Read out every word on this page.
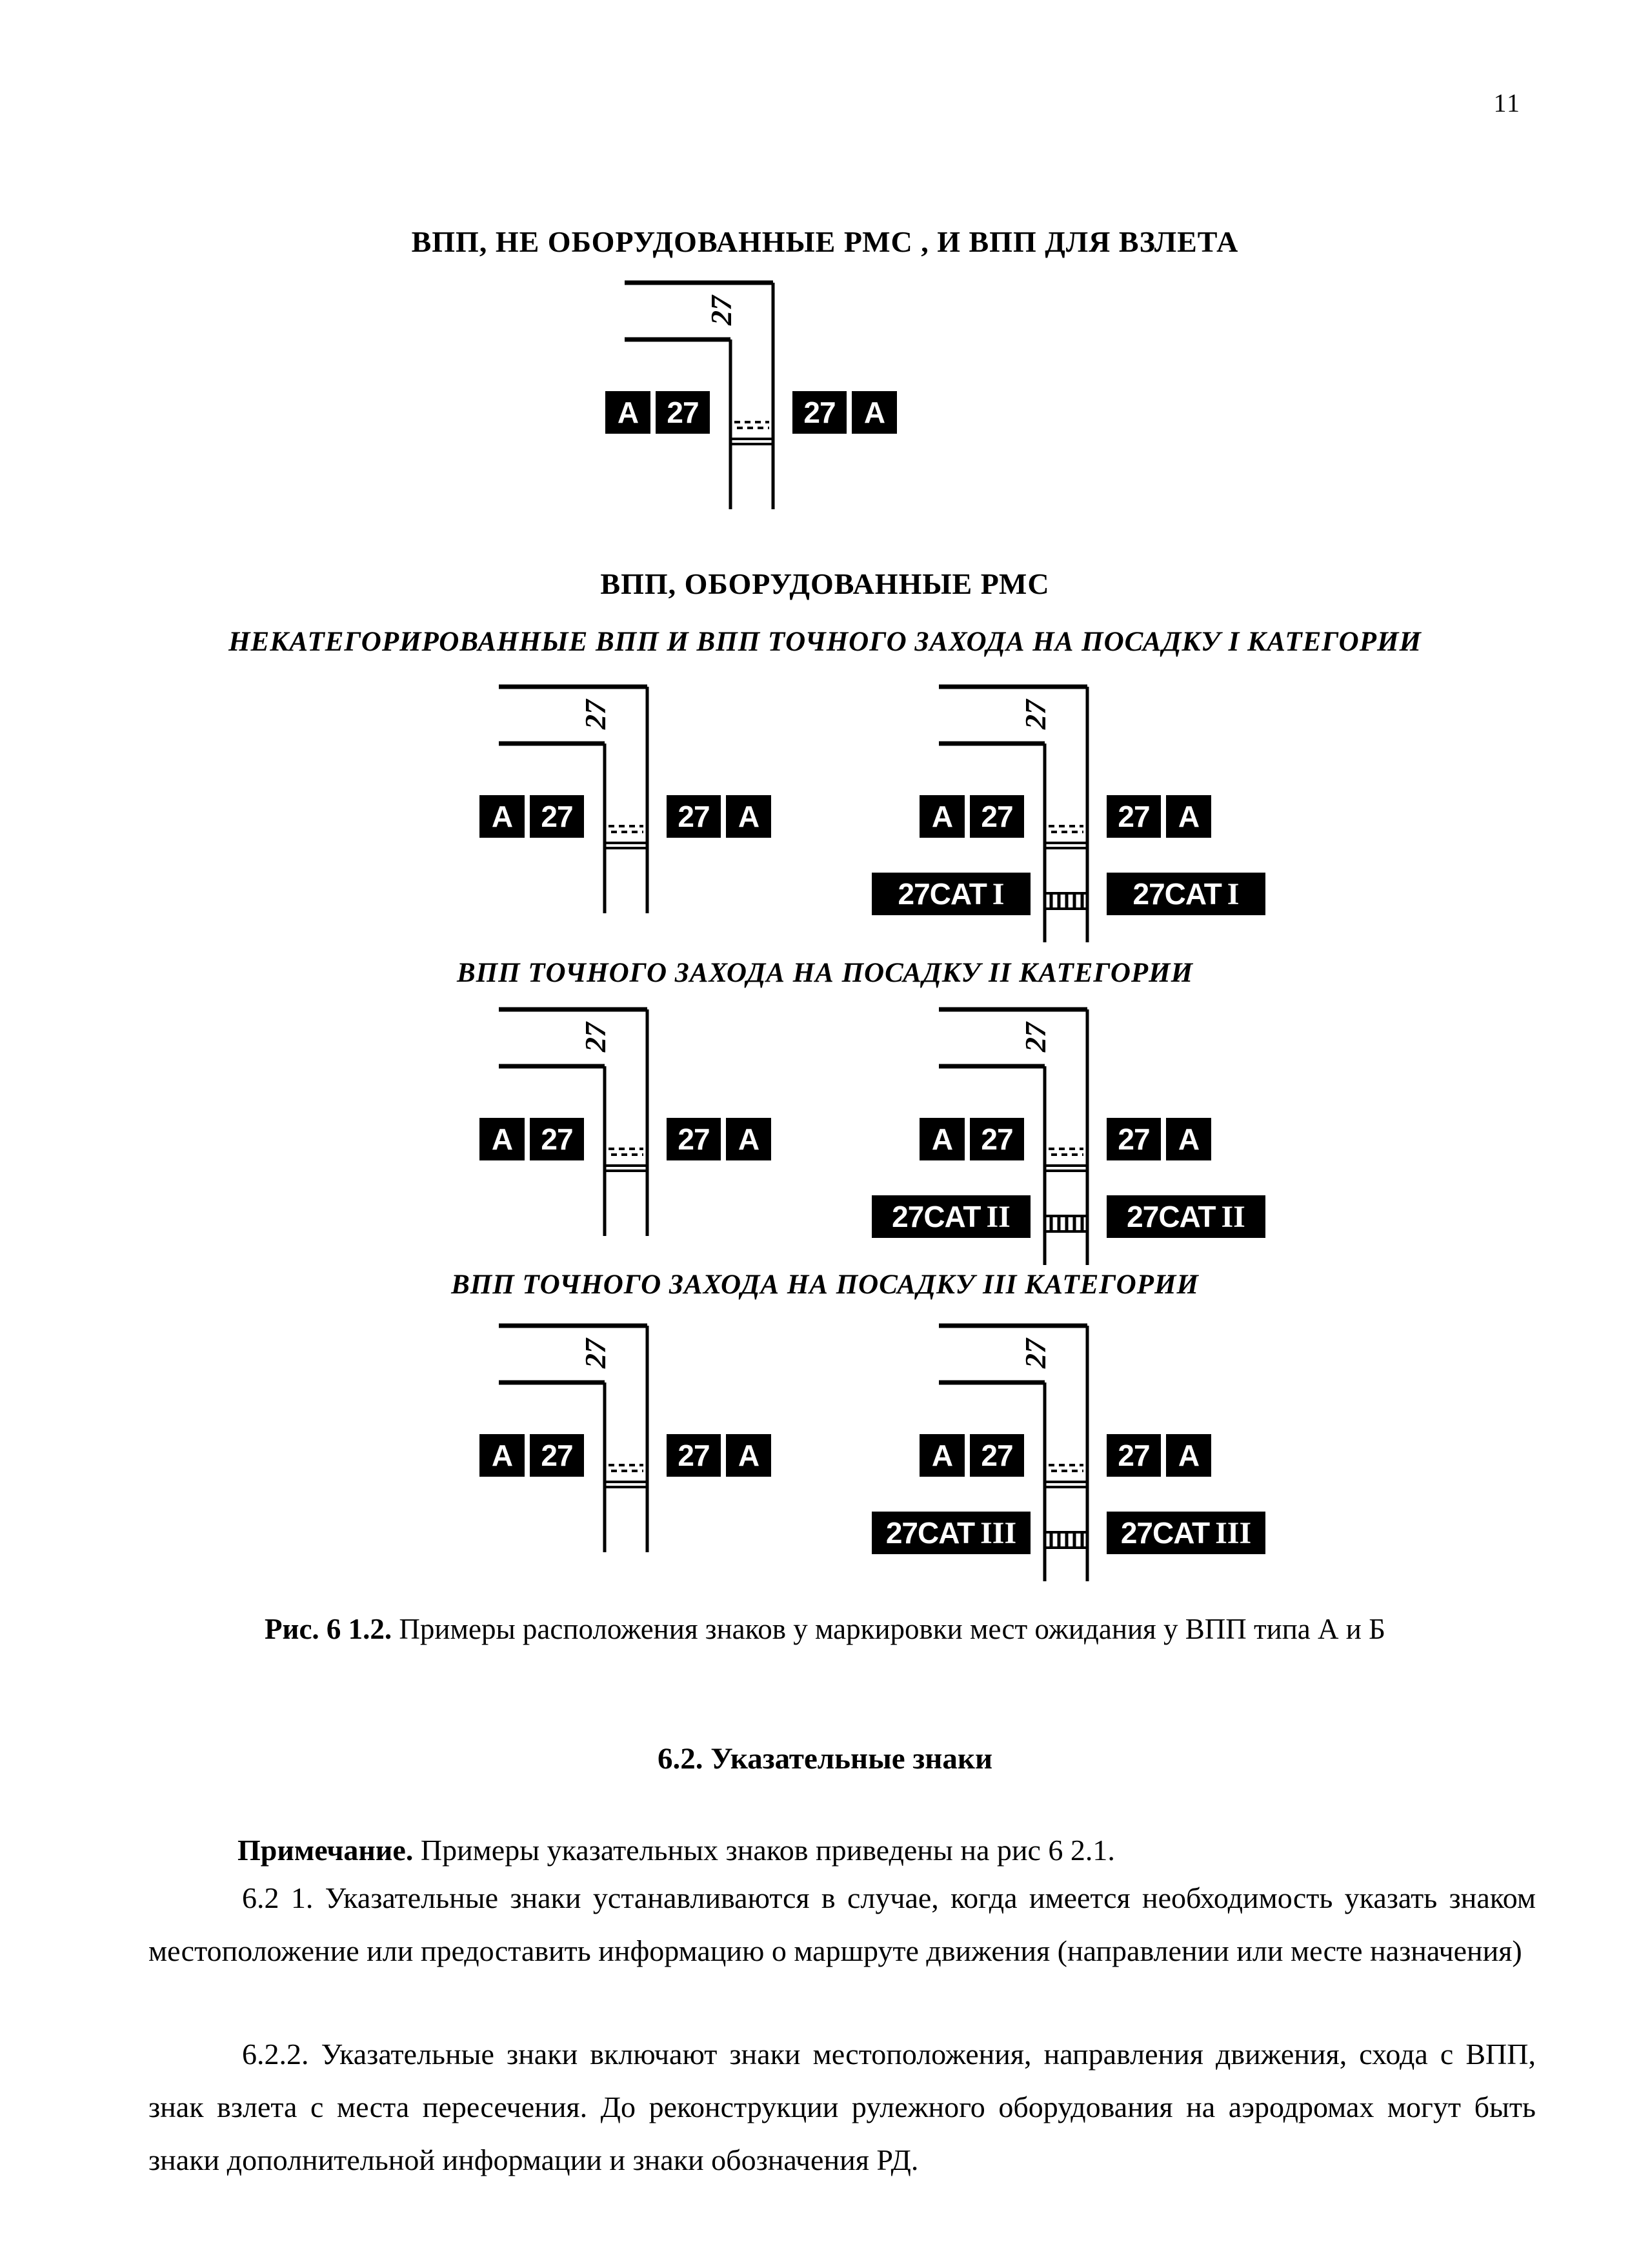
11
ВПП, НЕ ОБОРУДОВАННЫЕ РМС , И ВПП ДЛЯ ВЗЛЕТА
27
А 27	27 А
ВПП, ОБОРУДОВАННЫЕ РМС
НЕКАТЕГОРИРОВАННЫЕ ВПП И ВПП ТОЧНОГО ЗАХОДА НА ПОСАДКУ I КАТЕГОРИИ
27
А 27	27 А
27
А 27	27 А
27CAT I	27CAT I
ВПП ТОЧНОГО ЗАХОДА НА ПОСАДКУ II КАТЕГОРИИ
27
А 27	27 А
27
А 27	27 А
27CAT II	27CAT II
ВПП ТОЧНОГО ЗАХОДА НА ПОСАДКУ III КАТЕГОРИИ
27
А 27	27 А
27
А 27	27 А
27CAT III	27CAT III

Рис. 6 1.2. Примеры расположения знаков у маркировки мест ожидания у ВПП типа А и Б

6.2. Указательные знаки

Примечание. Примеры указательных знаков приведены на рис 6 2.1.

6.2 1. Указательные знаки устанавливаются в случае, когда имеется необходимость указать знаком местоположение или предоставить информацию о маршруте движения (направлении или месте назначения)

6.2.2. Указательные знаки включают знаки местоположения, направления движения, схода с ВПП, знак взлета с места пересечения. До реконструкции рулежного оборудования на аэродромах могут быть знаки дополнительной информации и знаки обозначения РД.
